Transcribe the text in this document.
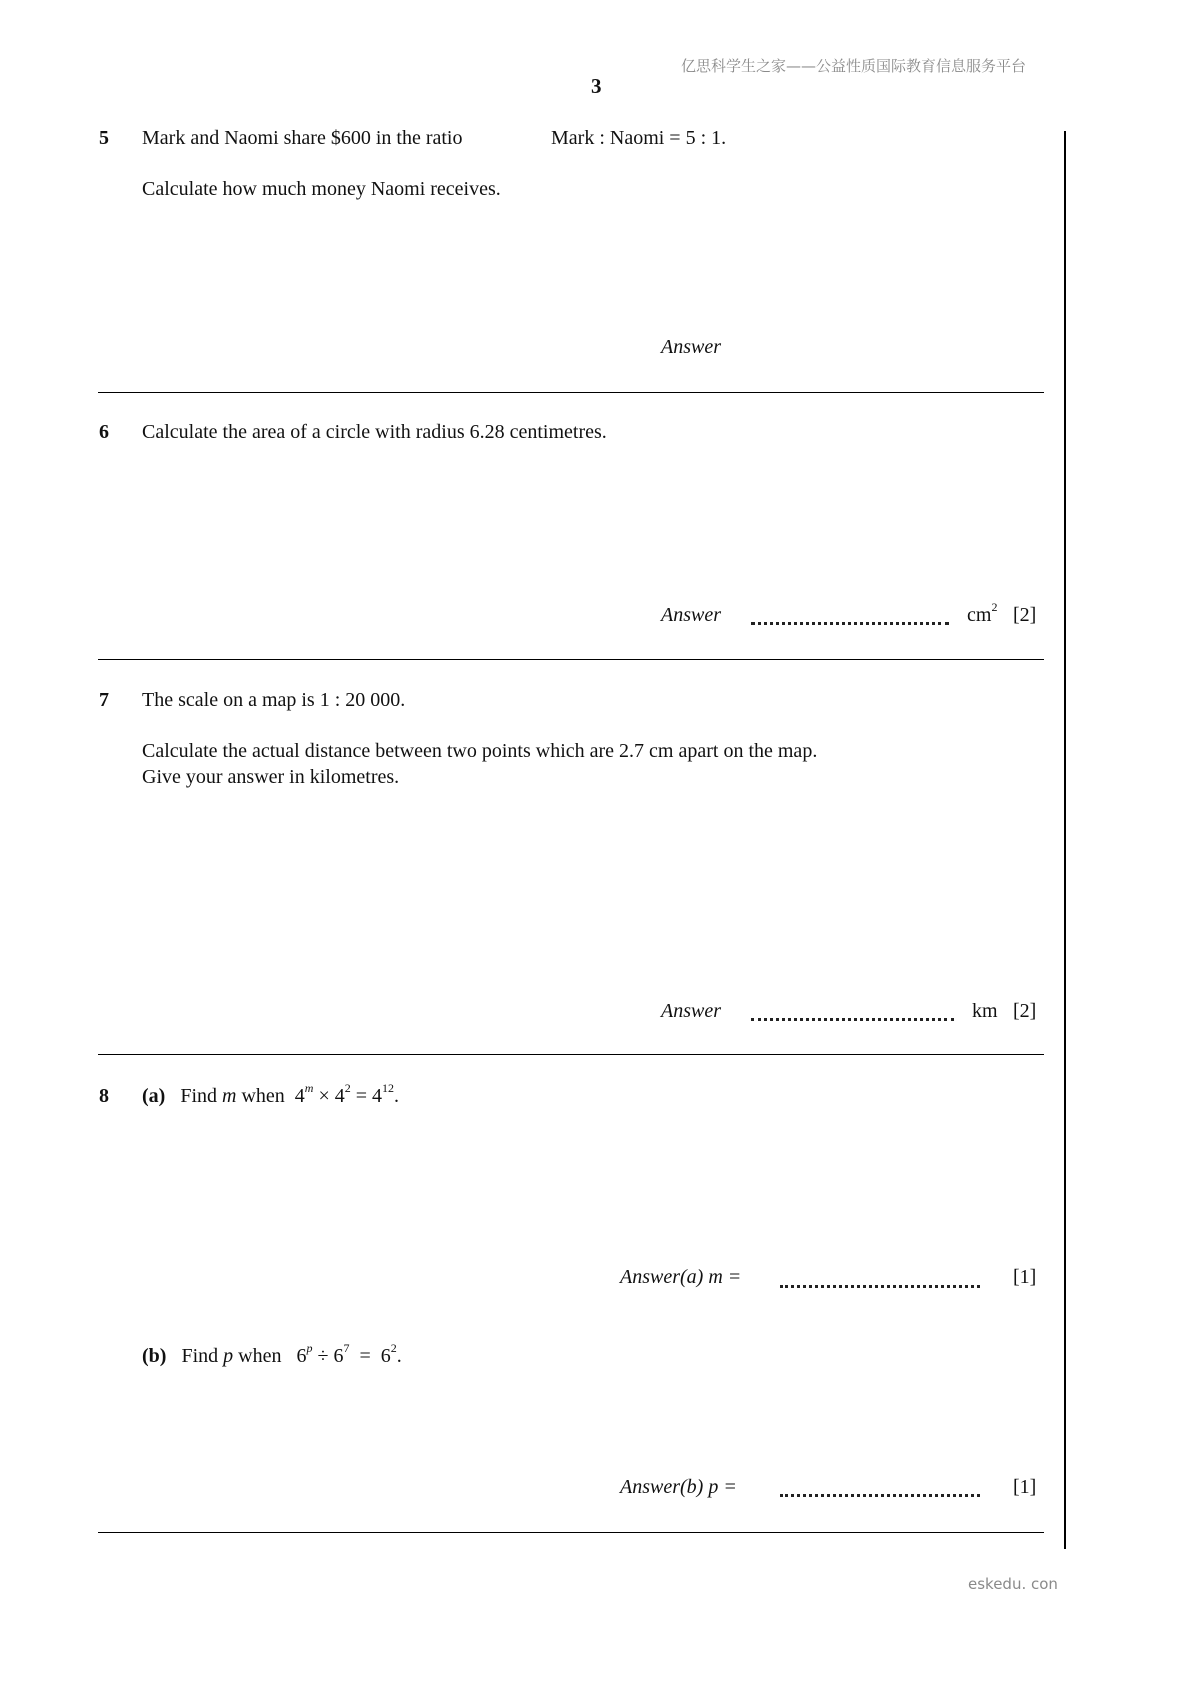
亿思科学生之家——公益性质国际教育信息服务平台
3
5 Mark and Naomi share $600 in the ratio	Mark : Naomi = 5 : 1.
Calculate how much money Naomi receives.
Answer
6 Calculate the area of a circle with radius 6.28 centimetres.
Answer	$cm^2$ [2]
7 The scale on a map is 1 : 20 000.
Calculate the actual distance between two points which are 2.7 cm apart on the map.
Give your answer in kilometres.
Answer	km [2]
8 (a) Find m when $4^m \times 4^2 = 4^{12}$.
Answer(a) m =	[1]
(b) Find p when $6^p \div 6^7 = 6^2$.
Answer(b) p =	[1]
eskedu. con
